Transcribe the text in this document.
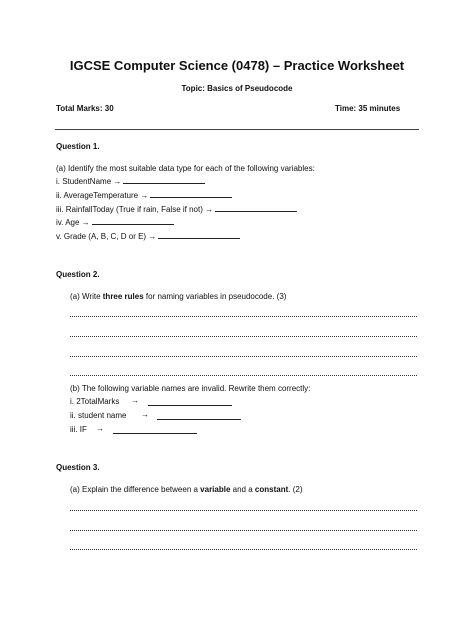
IGCSE Computer Science (0478) – Practice Worksheet
Topic: Basics of Pseudocode
Total Marks: 30	Time: 35 minutes
Question 1.
(a) Identify the most suitable data type for each of the following variables:
i. StudentName →
ii. AverageTemperature →
iii. RainfallToday (True if rain, False if not) →
iv. Age →
v. Grade (A, B, C, D or E) →
Question 2.
(a) Write three rules for naming variables in pseudocode. (3)
(b) The following variable names are invalid. Rewrite them correctly:
i. 2TotalMarks →
ii. student name →
iii. IF →
Question 3.
(a) Explain the difference between a variable and a constant. (2)
